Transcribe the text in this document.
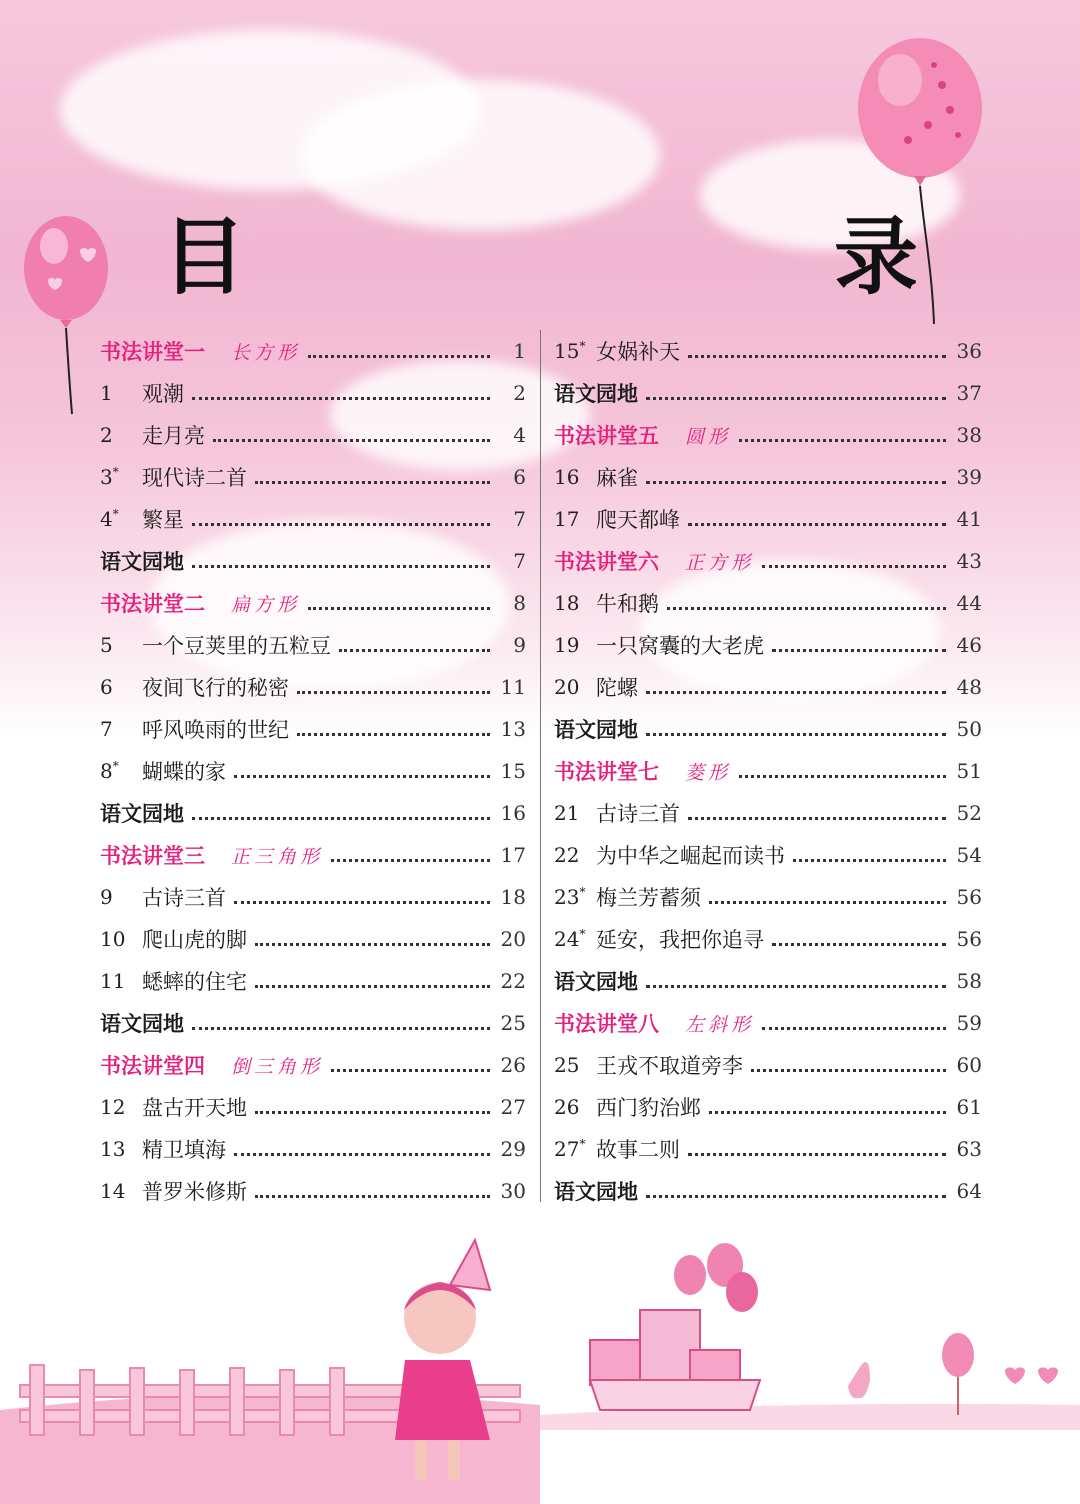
目　　录
书法讲堂一 长方形	1
1	观潮	2
2	走月亮	4
3*	现代诗二首	6
4*	繁星	7
语文园地	7
书法讲堂二 扁方形	8
5	一个豆荚里的五粒豆	9
6	夜间飞行的秘密	11
7	呼风唤雨的世纪	13
8*	蝴蝶的家	15
语文园地	16
书法讲堂三 正三角形	17
9	古诗三首	18
10 爬山虎的脚	20
11 蟋蟀的住宅	22
语文园地	25
书法讲堂四 倒三角形	26
12 盘古开天地	27
13 精卫填海	29
14 普罗米修斯	30
15* 女娲补天	36
语文园地	37
书法讲堂五 圆形	38
16 麻雀	39
17 爬天都峰	41
书法讲堂六 正方形	43
18 牛和鹅	44
19 一只窝囊的大老虎	46
20 陀螺	48
语文园地	50
书法讲堂七 菱形	51
21 古诗三首	52
22 为中华之崛起而读书	54
23* 梅兰芳蓄须	56
24* 延安，我把你追寻	56
语文园地	58
书法讲堂八 左斜形	59
25 王戎不取道旁李	60
26 西门豹治邺	61
27* 故事二则	63
语文园地	64
